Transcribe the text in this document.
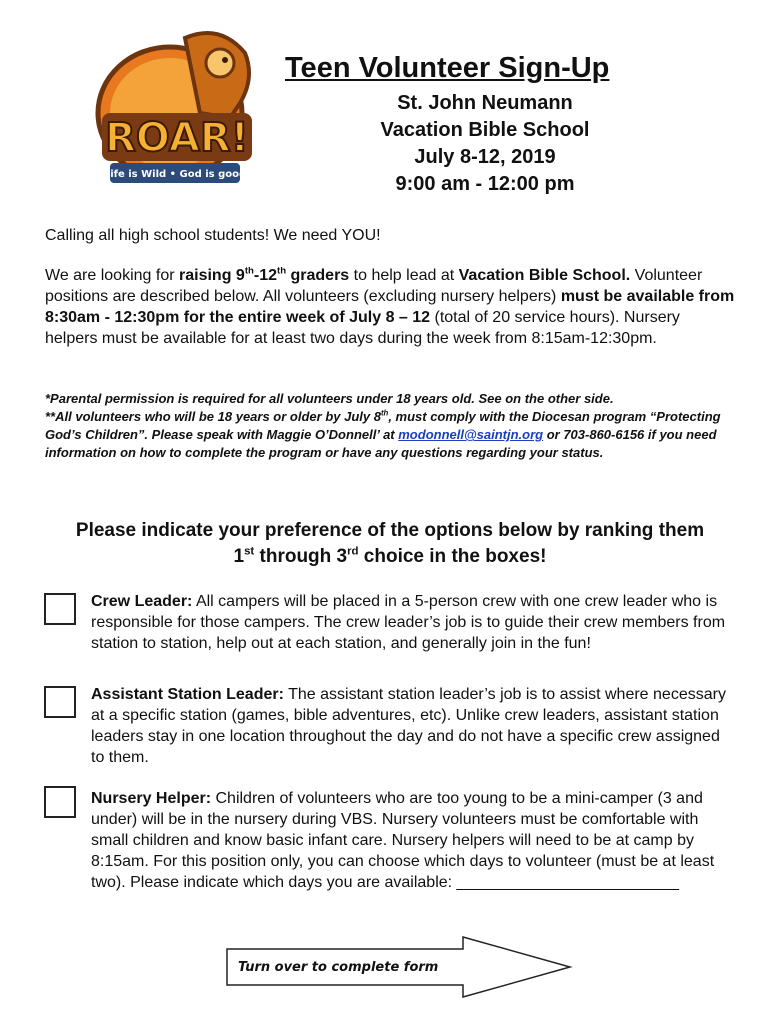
ROAR!
Life is Wild • God is good
Teen Volunteer Sign-Up
St. John Neumann
Vacation Bible School
July 8-12, 2019
9:00 am - 12:00 pm
Calling all high school students! We need YOU!
We are looking for raising 9th-12th graders to help lead at Vacation Bible School. Volunteer positions are described below. All volunteers (excluding nursery helpers) must be available from 8:30am - 12:30pm for the entire week of July 8 – 12 (total of 20 service hours). Nursery helpers must be available for at least two days during the week from 8:15am-12:30pm.
*Parental permission is required for all volunteers under 18 years old. See on the other side.
**All volunteers who will be 18 years or older by July 8th, must comply with the Diocesan program “Protecting God’s Children”. Please speak with Maggie O’Donnell’ at modonnell@saintjn.org or 703-860-6156 if you need information on how to complete the program or have any questions regarding your status.
Please indicate your preference of the options below by ranking them
1st through 3rd choice in the boxes!
Crew Leader: All campers will be placed in a 5-person crew with one crew leader who is responsible for those campers. The crew leader’s job is to guide their crew members from station to station, help out at each station, and generally join in the fun!
Assistant Station Leader: The assistant station leader’s job is to assist where necessary at a specific station (games, bible adventures, etc). Unlike crew leaders, assistant station leaders stay in one location throughout the day and do not have a specific crew assigned to them.
Nursery Helper: Children of volunteers who are too young to be a mini-camper (3 and under) will be in the nursery during VBS. Nursery volunteers must be comfortable with small children and know basic infant care. Nursery helpers will need to be at camp by 8:15am. For this position only, you can choose which days to volunteer (must be at least two). Please indicate which days you are available: _________________________
Turn over to complete form
